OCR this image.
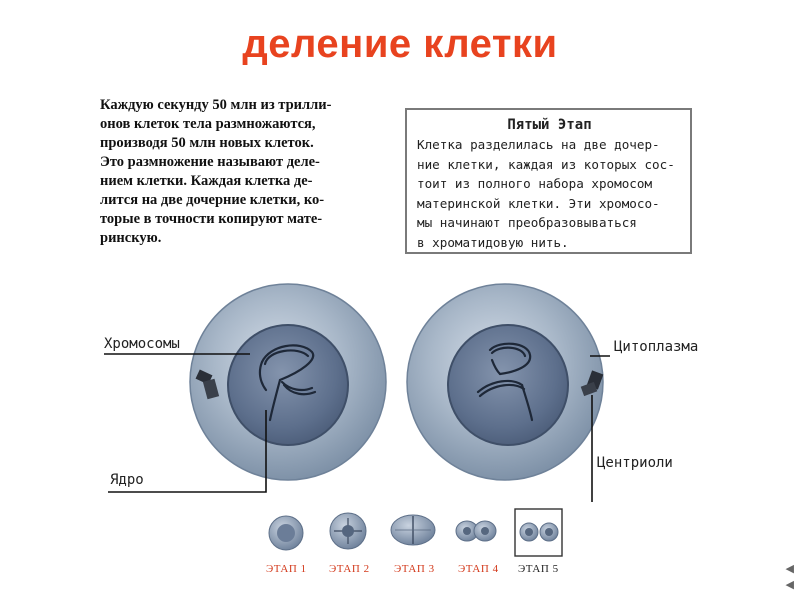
деление клетки
Каждую секунду 50 млн из трилли-
онов клеток тела размножаются,
производя 50 млн новых клеток.
Это размножение называют деле-
нием клетки. Каждая клетка де-
лится на две дочерние клетки, ко-
торые в точности копируют мате-
ринскую.
Пятый Этап
Клетка разделилась на две дочер-
ние клетки, каждая из которых сос-
тоит из полного набора хромосом
материнской клетки. Эти хромосо-
мы начинают преобразовываться
в хроматидовую нить.
Хромосомы
Ядро
Цитоплазма
Центриоли
ЭТАП 1 ЭТАП 2 ЭТАП 3 ЭТАП 4 ЭТАП 5	◀
◀
